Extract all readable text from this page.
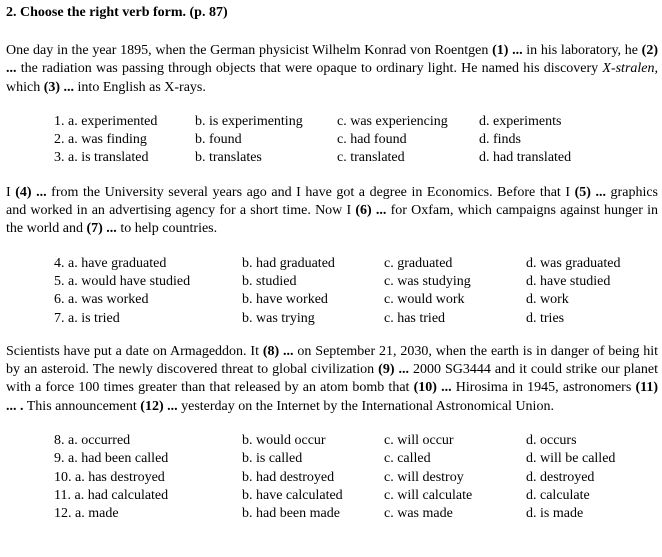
2. Choose the right verb form. (p. 87)

One day in the year 1895, when the German physicist Wilhelm Konrad von Roentgen (1) ... in his laboratory, he (2) ... the radiation was passing through objects that were opaque to ordinary light. He named his discovery X-stralen, which (3) ... into English as X-rays.

1. a. experimented	b. is experimenting	c. was experiencing	d. experiments
2. a. was finding	b. found	c. had found	d. finds
3. a. is translated	b. translates	c. translated	d. had translated

I (4) ... from the University several years ago and I have got a degree in Economics. Before that I (5) ... graphics and worked in an advertising agency for a short time. Now I (6) ... for Oxfam, which campaigns against hunger in the world and (7) ... to help countries.

4. a. have graduated	b. had graduated	c. graduated	d. was graduated
5. a. would have studied	b. studied	c. was studying	d. have studied
6. a. was worked	b. have worked	c. would work	d. work
7. a. is tried	b. was trying	c. has tried	d. tries

Scientists have put a date on Armageddon. It (8) ... on September 21, 2030, when the earth is in danger of being hit by an asteroid. The newly discovered threat to global civilization (9) ... 2000 SG3444 and it could strike our planet with a force 100 times greater than that released by an atom bomb that (10) ... Hirosima in 1945, astronomers (11) ... . This announcement (12) ... yesterday on the Internet by the International Astronomical Union.

8. a. occurred	b. would occur	c. will occur	d. occurs
9. a. had been called	b. is called	c. called	d. will be called
10. a. has destroyed	b. had destroyed	c. will destroy	d. destroyed
11. a. had calculated	b. have calculated	c. will calculate	d. calculate
12. a. made	b. had been made	c. was made	d. is made
